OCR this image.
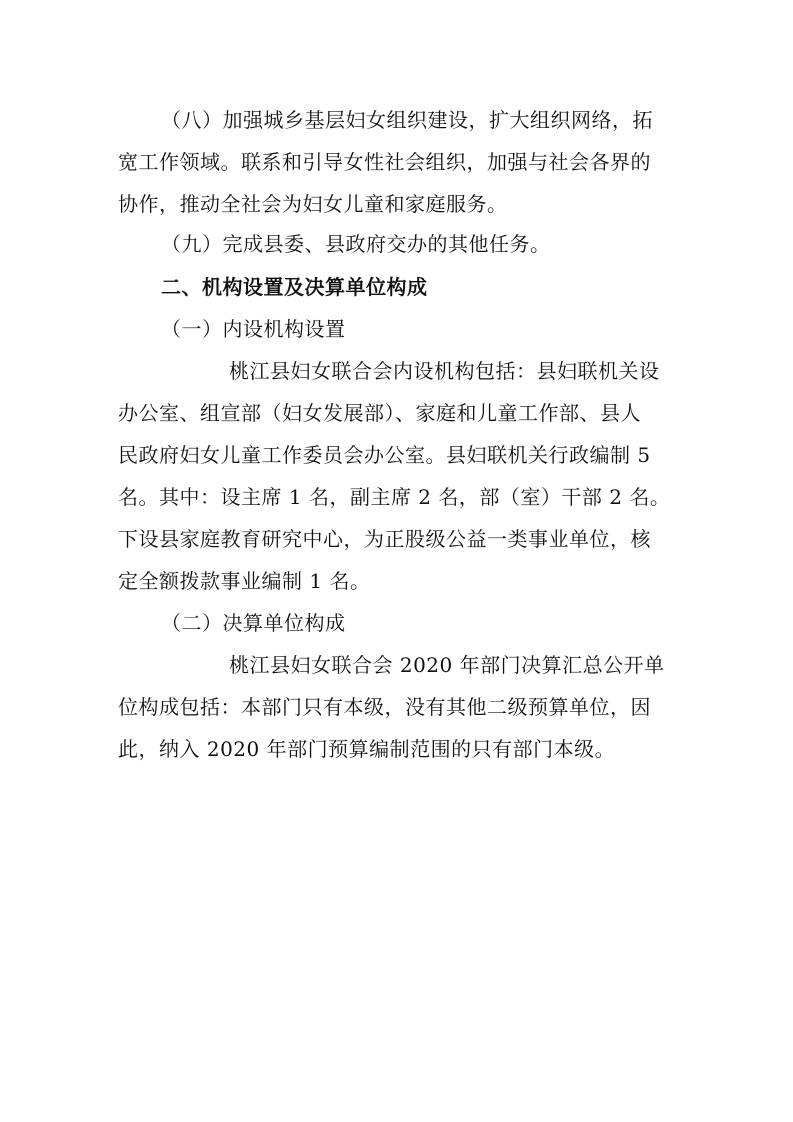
（八）加强城乡基层妇女组织建设，扩大组织网络，拓

宽工作领域。联系和引导女性社会组织，加强与社会各界的

协作，推动全社会为妇女儿童和家庭服务。

（九）完成县委、县政府交办的其他任务。

二、机构设置及决算单位构成

（一）内设机构设置

桃江县妇女联合会内设机构包括：县妇联机关设

办公室、组宣部（妇女发展部）、家庭和儿童工作部、县人

民政府妇女儿童工作委员会办公室。县妇联机关行政编制 5

名。其中：设主席 1 名，副主席 2 名，部（室）干部 2 名。

下设县家庭教育研究中心，为正股级公益一类事业单位，核

定全额拨款事业编制 1 名。

（二）决算单位构成

桃江县妇女联合会 2020 年部门决算汇总公开单

位构成包括：本部门只有本级，没有其他二级预算单位，因

此，纳入 2020 年部门预算编制范围的只有部门本级。
